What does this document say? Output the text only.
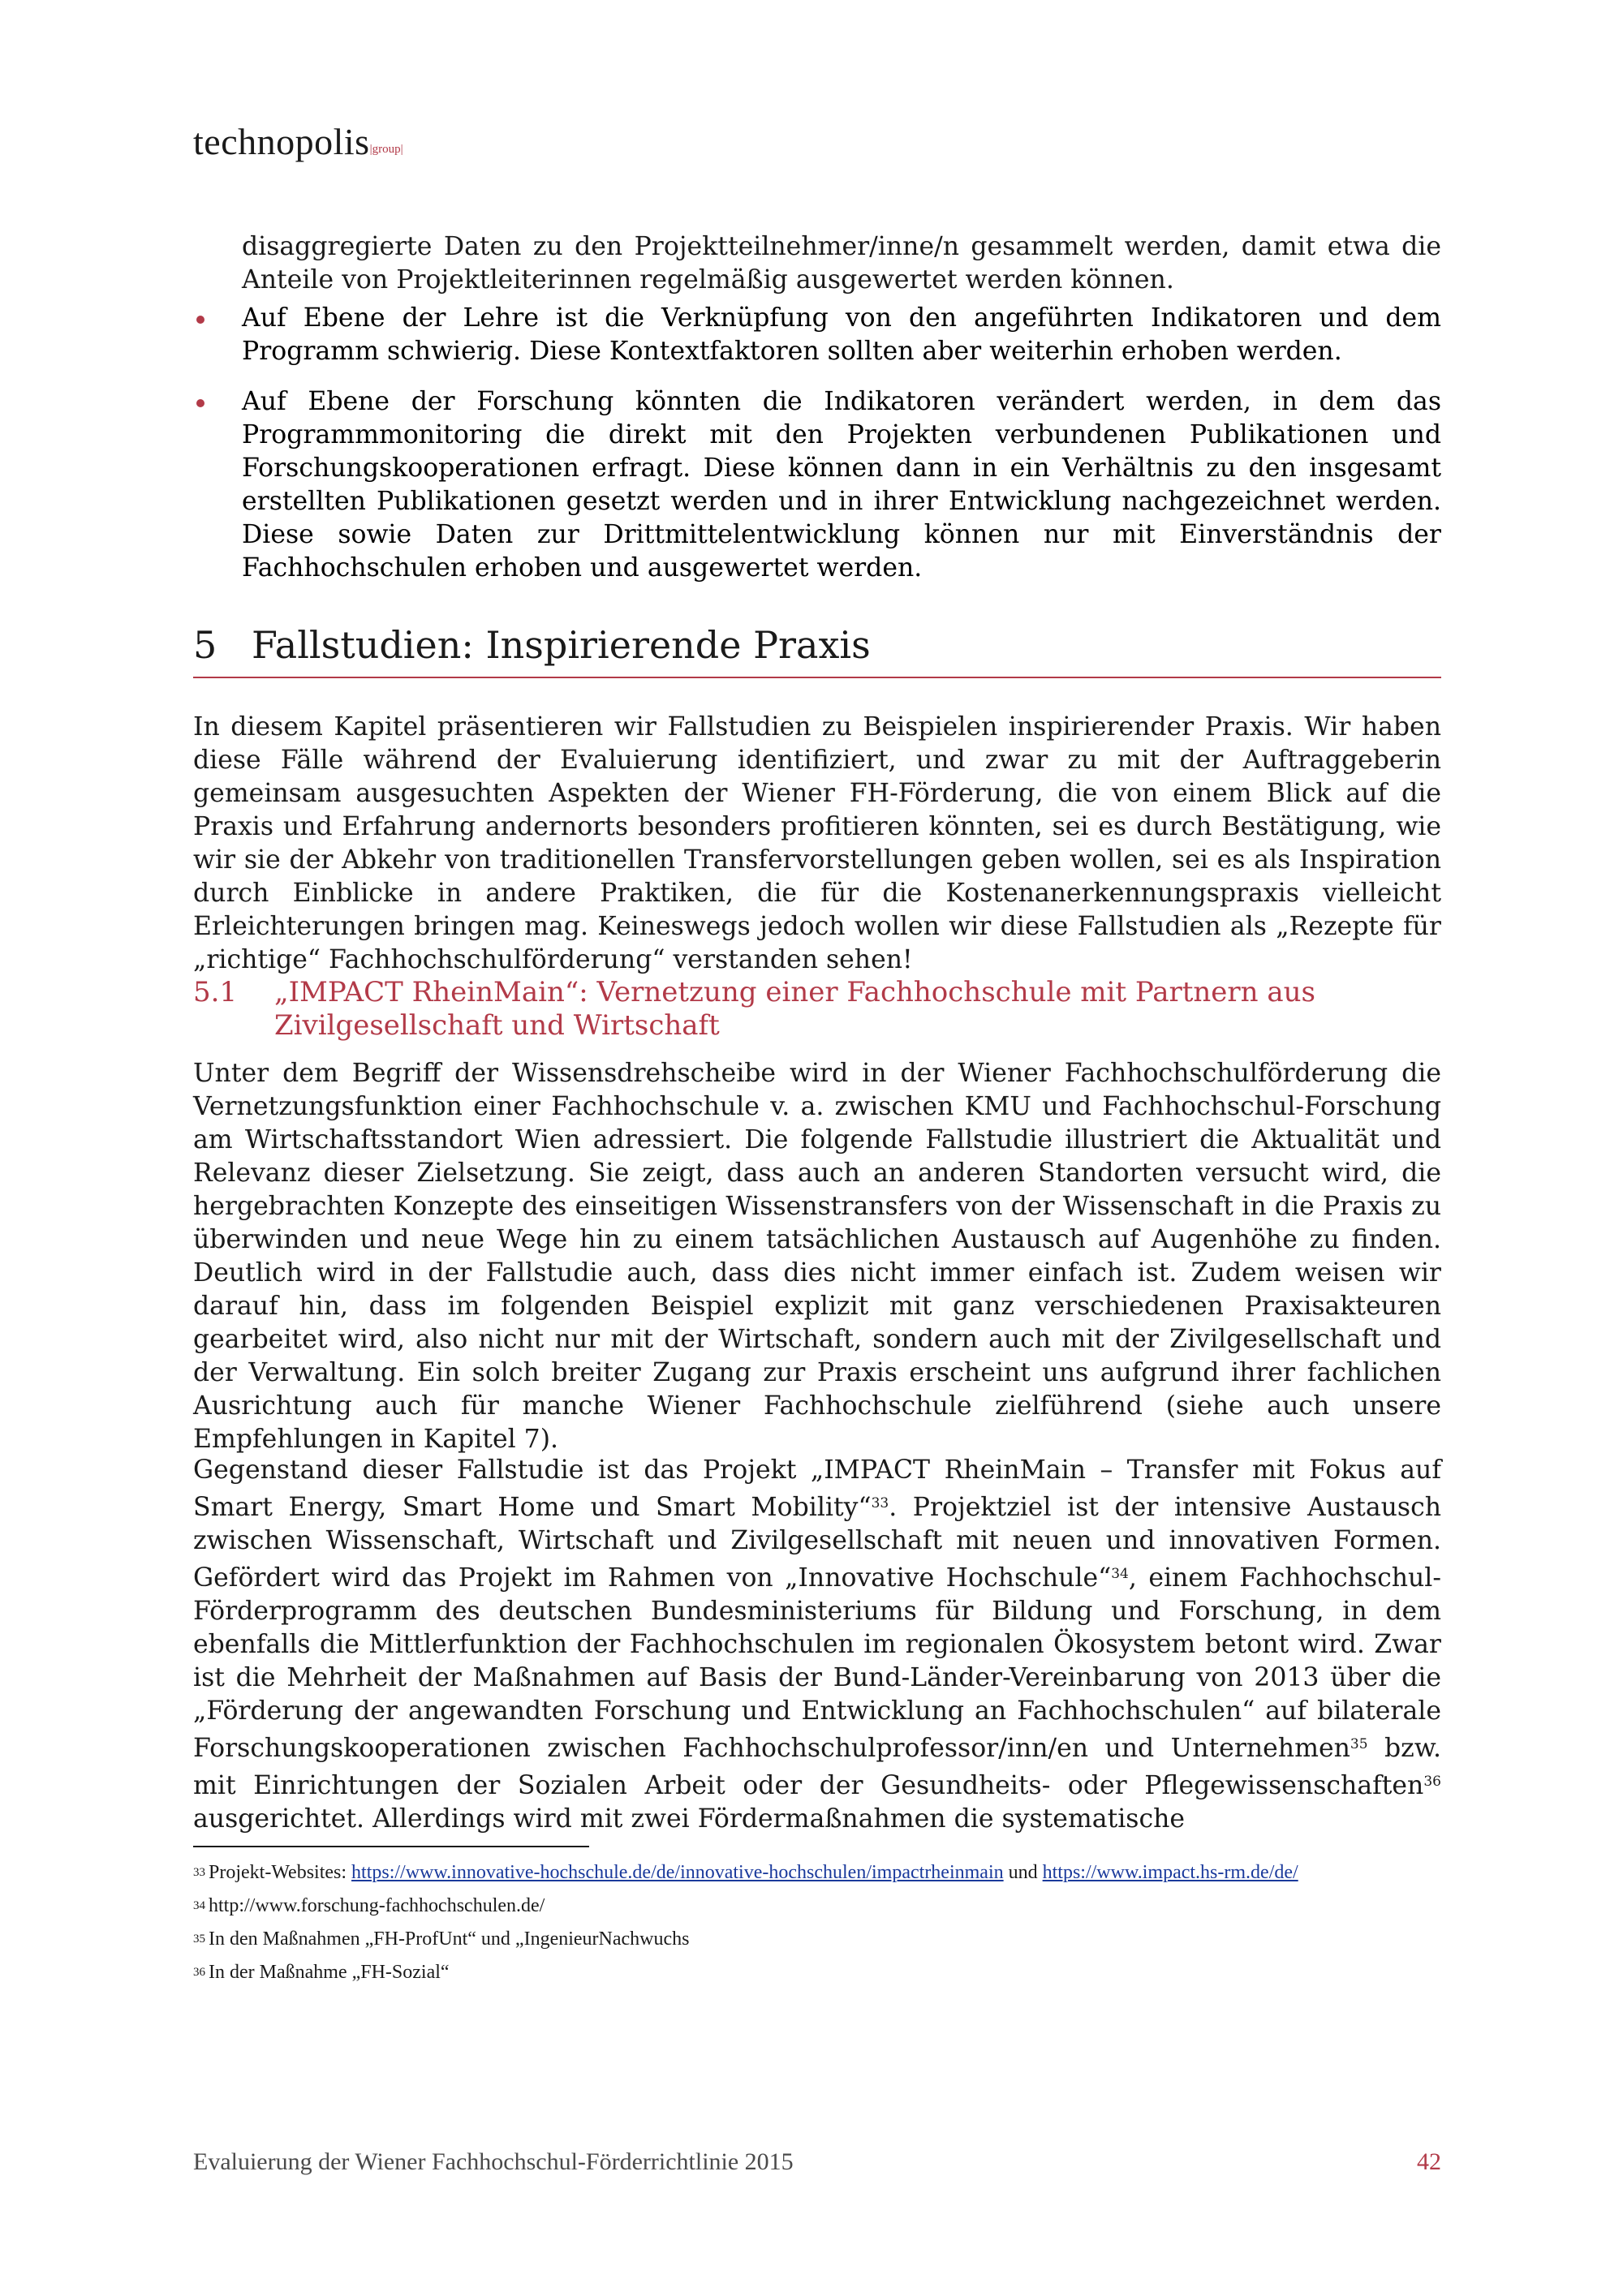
technopolis|group|

disaggregierte Daten zu den Projektteilnehmer/inne/n gesammelt werden, damit etwa die Anteile von Projektleiterinnen regelmäßig ausgewertet werden können.

Auf Ebene der Lehre ist die Verknüpfung von den angeführten Indikatoren und dem Programm schwierig. Diese Kontextfaktoren sollten aber weiterhin erhoben werden.

Auf Ebene der Forschung könnten die Indikatoren verändert werden, in dem das Programmmonitoring die direkt mit den Projekten verbundenen Publikationen und Forschungskooperationen erfragt. Diese können dann in ein Verhältnis zu den insgesamt erstellten Publikationen gesetzt werden und in ihrer Entwicklung nachgezeichnet werden. Diese sowie Daten zur Drittmittelentwicklung können nur mit Einverständnis der Fachhochschulen erhoben und ausgewertet werden.

5 Fallstudien: Inspirierende Praxis

In diesem Kapitel präsentieren wir Fallstudien zu Beispielen inspirierender Praxis. Wir haben diese Fälle während der Evaluierung identifiziert, und zwar zu mit der Auftraggeberin gemeinsam ausgesuchten Aspekten der Wiener FH-Förderung, die von einem Blick auf die Praxis und Erfahrung andernorts besonders profitieren könnten, sei es durch Bestätigung, wie wir sie der Abkehr von traditionellen Transfervorstellungen geben wollen, sei es als Inspiration durch Einblicke in andere Praktiken, die für die Kostenanerkennungspraxis vielleicht Erleichterungen bringen mag. Keineswegs jedoch wollen wir diese Fallstudien als „Rezepte für „richtige“ Fachhochschulförderung“ verstanden sehen!

5.1	„IMPACT RheinMain“: Vernetzung einer Fachhochschule mit Partnern aus Zivilgesellschaft und Wirtschaft

Unter dem Begriff der Wissensdrehscheibe wird in der Wiener Fachhochschulförderung die Vernetzungsfunktion einer Fachhochschule v. a. zwischen KMU und Fachhochschul-Forschung am Wirtschaftsstandort Wien adressiert. Die folgende Fallstudie illustriert die Aktualität und Relevanz dieser Zielsetzung. Sie zeigt, dass auch an anderen Standorten versucht wird, die hergebrachten Konzepte des einseitigen Wissenstransfers von der Wissenschaft in die Praxis zu überwinden und neue Wege hin zu einem tatsächlichen Austausch auf Augenhöhe zu finden. Deutlich wird in der Fallstudie auch, dass dies nicht immer einfach ist. Zudem weisen wir darauf hin, dass im folgenden Beispiel explizit mit ganz verschiedenen Praxisakteuren gearbeitet wird, also nicht nur mit der Wirtschaft, sondern auch mit der Zivilgesellschaft und der Verwaltung. Ein solch breiter Zugang zur Praxis erscheint uns aufgrund ihrer fachlichen Ausrichtung auch für manche Wiener Fachhochschule zielführend (siehe auch unsere Empfehlungen in Kapitel 7).

Gegenstand dieser Fallstudie ist das Projekt „IMPACT RheinMain – Transfer mit Fokus auf Smart Energy, Smart Home und Smart Mobility“$^{33}$. Projektziel ist der intensive Austausch zwischen Wissenschaft, Wirtschaft und Zivilgesellschaft mit neuen und innovativen Formen. Gefördert wird das Projekt im Rahmen von „Innovative Hochschule“$^{34}$, einem Fachhochschul-Förderprogramm des deutschen Bundesministeriums für Bildung und Forschung, in dem ebenfalls die Mittlerfunktion der Fachhochschulen im regionalen Ökosystem betont wird. Zwar ist die Mehrheit der Maßnahmen auf Basis der Bund-Länder-Vereinbarung von 2013 über die „Förderung der angewandten Forschung und Entwicklung an Fachhochschulen“ auf bilaterale Forschungskooperationen zwischen Fachhochschulprofessor/inn/en und Unternehmen$^{35}$ bzw. mit Einrichtungen der Sozialen Arbeit oder der Gesundheits- oder Pflegewissenschaften$^{36}$ ausgerichtet. Allerdings wird mit zwei Fördermaßnahmen die systematische

$^{33}$ Projekt-Websites: https://www.innovative-hochschule.de/de/innovative-hochschulen/impactrheinmain und https://www.impact.hs-rm.de/de/

$^{34}$ http://www.forschung-fachhochschulen.de/

$^{35}$ In den Maßnahmen „FH-ProfUnt“ und „IngenieurNachwuchs

$^{36}$ In der Maßnahme „FH-Sozial“

Evaluierung der Wiener Fachhochschul-Förderrichtlinie 2015	42
